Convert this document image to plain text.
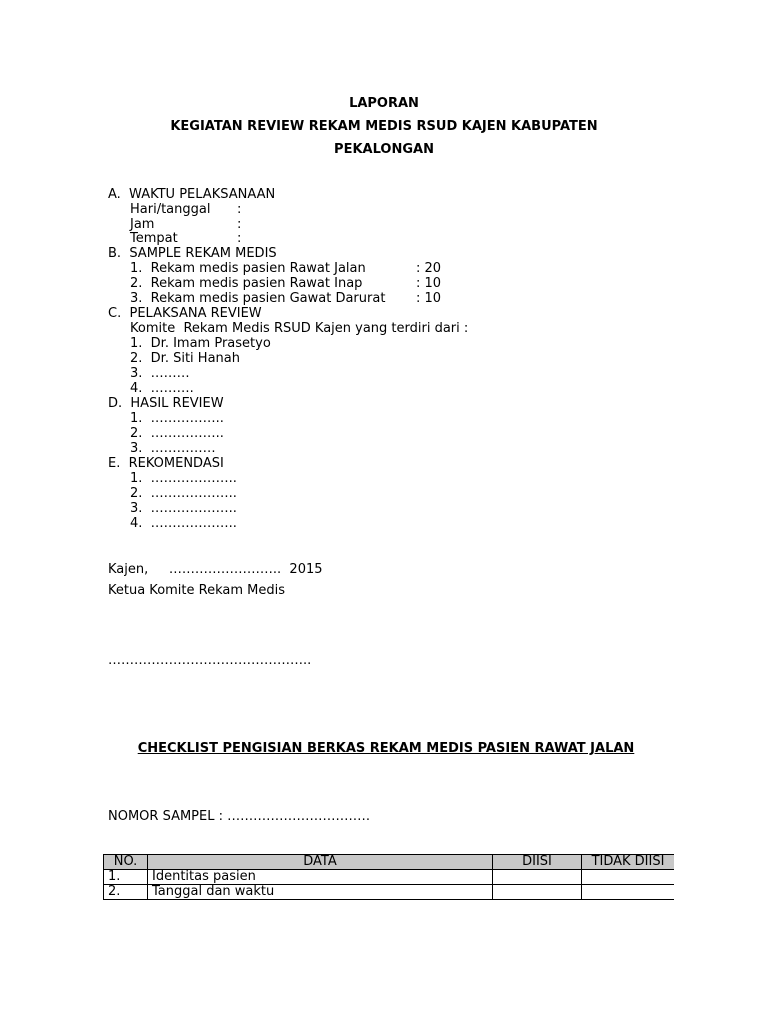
LAPORAN
KEGIATAN REVIEW REKAM MEDIS RSUD KAJEN KABUPATEN
PEKALONGAN
A.  WAKTU PELAKSANAAN
Hari/tanggal :
Jam	:
Tempat	:
B.  SAMPLE REKAM MEDIS
1.  Rekam medis pasien Rawat Jalan	: 20
2.  Rekam medis pasien Rawat Inap	: 10
3.  Rekam medis pasien Gawat Darurat : 10
C.  PELAKSANA REVIEW
Komite  Rekam Medis RSUD Kajen yang terdiri dari :
1.  Dr. Imam Prasetyo
2.  Dr. Siti Hanah
3.  ………
4.  ……….
D.  HASIL REVIEW
1.  ……………..
2.  ……………..
3.  ……………
E.  REKOMENDASI
1.  ………………..
2.  ………………..
3.  ………………..
4.  ………………..
Kajen,     ……………………..  2015
Ketua Komite Rekam Medis
………………………………………..
CHECKLIST PENGISIAN BERKAS REKAM MEDIS PASIEN RAWAT JALAN
NOMOR SAMPEL : ……………………………
NO.	DATA	DIISI	TIDAK DIISI
1.	Identitas pasien		
2.	Tanggal dan waktu		
